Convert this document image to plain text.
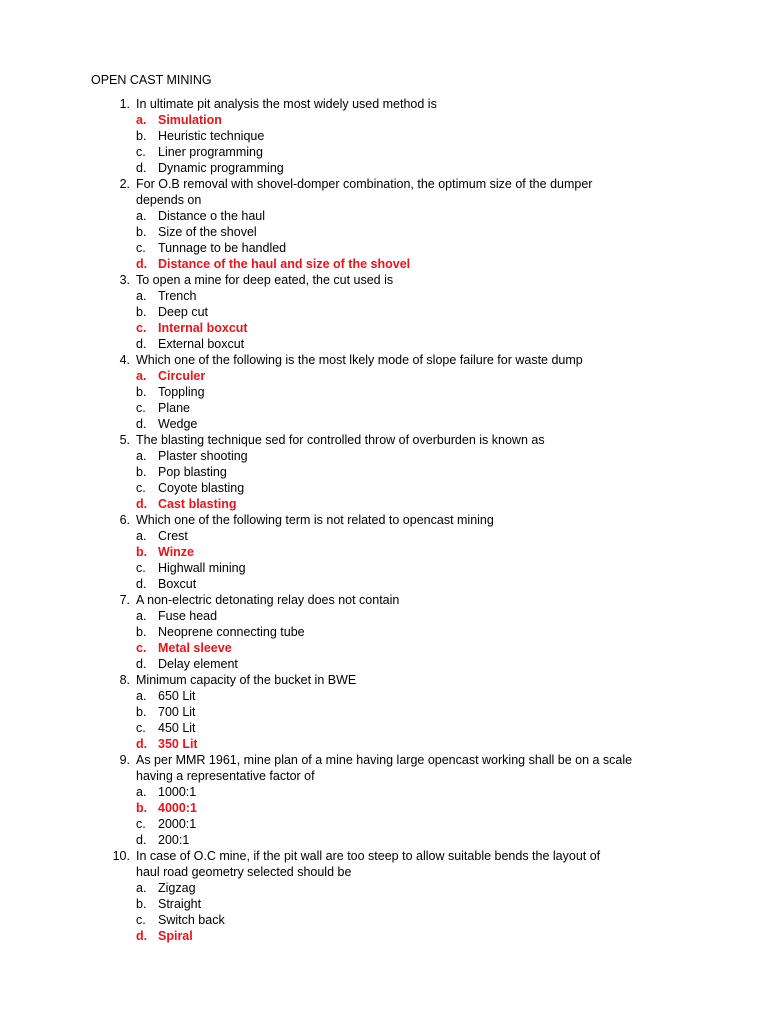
OPEN CAST MINING
1. In ultimate pit analysis the most widely used method is
a. Simulation
b. Heuristic technique
c. Liner programming
d. Dynamic programming
2. For O.B removal with shovel-domper combination, the optimum size of the dumper
depends on
a. Distance o the haul
b. Size of the shovel
c. Tunnage to be handled
d. Distance of the haul and size of the shovel
3. To open a mine for deep eated, the cut used is
a. Trench
b. Deep cut
c. Internal boxcut
d. External boxcut
4. Which one of the following is the most lkely mode of slope failure for waste dump
a. Circuler
b. Toppling
c. Plane
d. Wedge
5. The blasting technique sed for controlled throw of overburden is known as
a. Plaster shooting
b. Pop blasting
c. Coyote blasting
d. Cast blasting
6. Which one of the following term is not related to opencast mining
a. Crest
b. Winze
c. Highwall mining
d. Boxcut
7. A non-electric detonating relay does not contain
a. Fuse head
b. Neoprene connecting tube
c. Metal sleeve
d. Delay element
8. Minimum capacity of the bucket in BWE
a. 650 Lit
b. 700 Lit
c. 450 Lit
d. 350 Lit
9. As per MMR 1961, mine plan of a mine having large opencast working shall be on a scale
having a representative factor of
a. 1000:1
b. 4000:1
c. 2000:1
d. 200:1
10. In case of O.C mine, if the pit wall are too steep to allow suitable bends the layout of
haul road geometry selected should be
a. Zigzag
b. Straight
c. Switch back
d. Spiral
